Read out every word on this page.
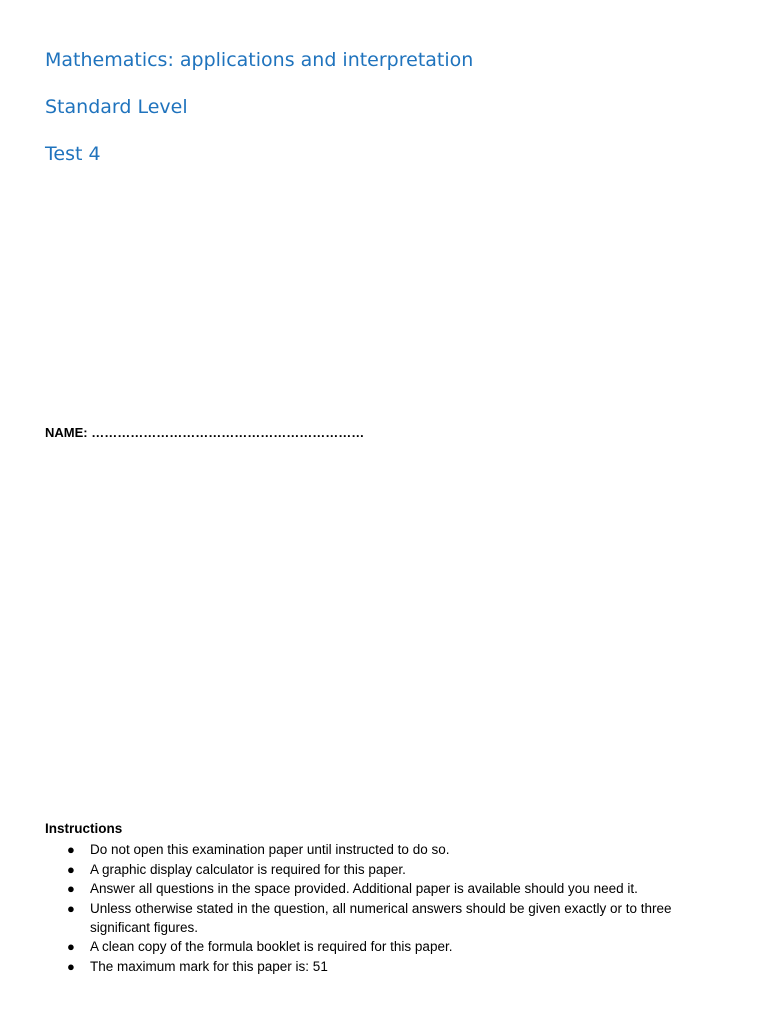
Mathematics: applications and interpretation
Standard Level
Test 4
NAME: ………………………………………………………
Instructions
● Do not open this examination paper until instructed to do so.
● A graphic display calculator is required for this paper.
● Answer all questions in the space provided. Additional paper is available should you need it.
● Unless otherwise stated in the question, all numerical answers should be given exactly or to three significant figures.
● A clean copy of the formula booklet is required for this paper.
● The maximum mark for this paper is: 51
